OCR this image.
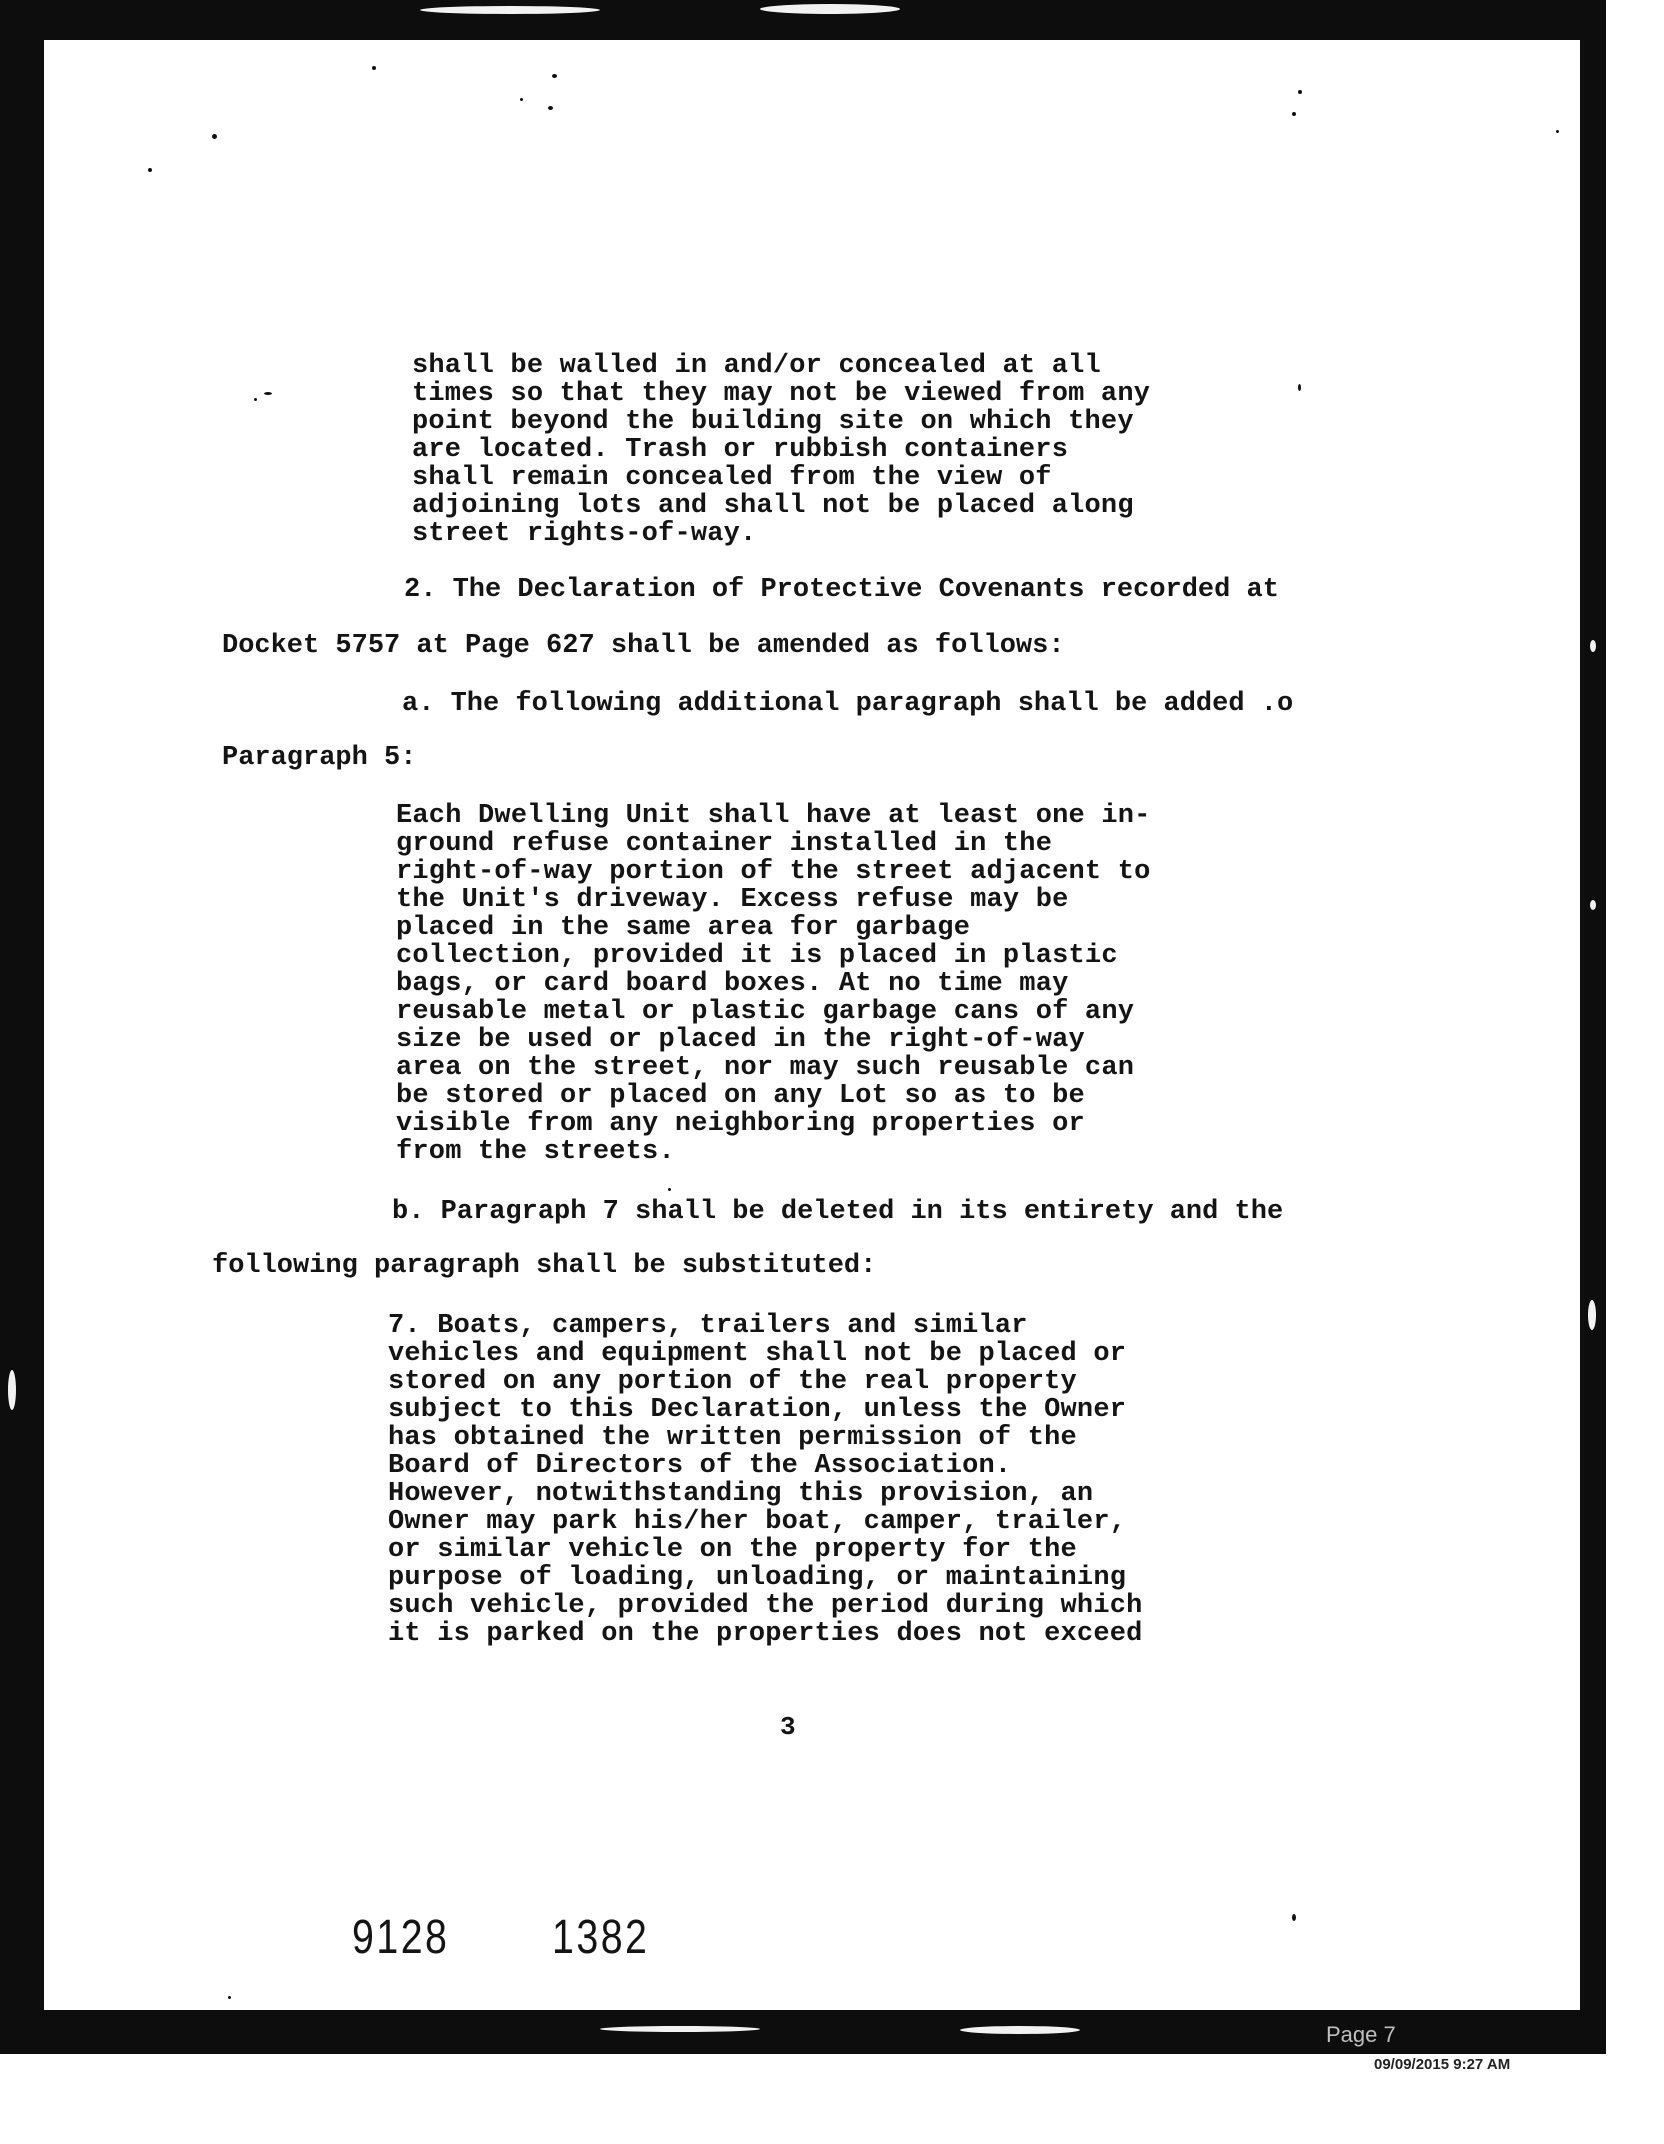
shall be walled in and/or concealed at all
times so that they may not be viewed from any
point beyond the building site on which they
are located. Trash or rubbish containers
shall remain concealed from the view of
adjoining lots and shall not be placed along
street rights-of-way.
2. The Declaration of Protective Covenants recorded at
Docket 5757 at Page 627 shall be amended as follows:
a. The following additional paragraph shall be added .o
Paragraph 5:
Each Dwelling Unit shall have at least one in-
ground refuse container installed in the
right-of-way portion of the street adjacent to
the Unit's driveway. Excess refuse may be
placed in the same area for garbage
collection, provided it is placed in plastic
bags, or card board boxes. At no time may
reusable metal or plastic garbage cans of any
size be used or placed in the right-of-way
area on the street, nor may such reusable can
be stored or placed on any Lot so as to be
visible from any neighboring properties or
from the streets.
b. Paragraph 7 shall be deleted in its entirety and the
following paragraph shall be substituted:
7. Boats, campers, trailers and similar
vehicles and equipment shall not be placed or
stored on any portion of the real property
subject to this Declaration, unless the Owner
has obtained the written permission of the
Board of Directors of the Association.
However, notwithstanding this provision, an
Owner may park his/her boat, camper, trailer,
or similar vehicle on the property for the
purpose of loading, unloading, or maintaining
such vehicle, provided the period during which
it is parked on the properties does not exceed
3
9128 1382
Page 7
09/09/2015 9:27 AM
